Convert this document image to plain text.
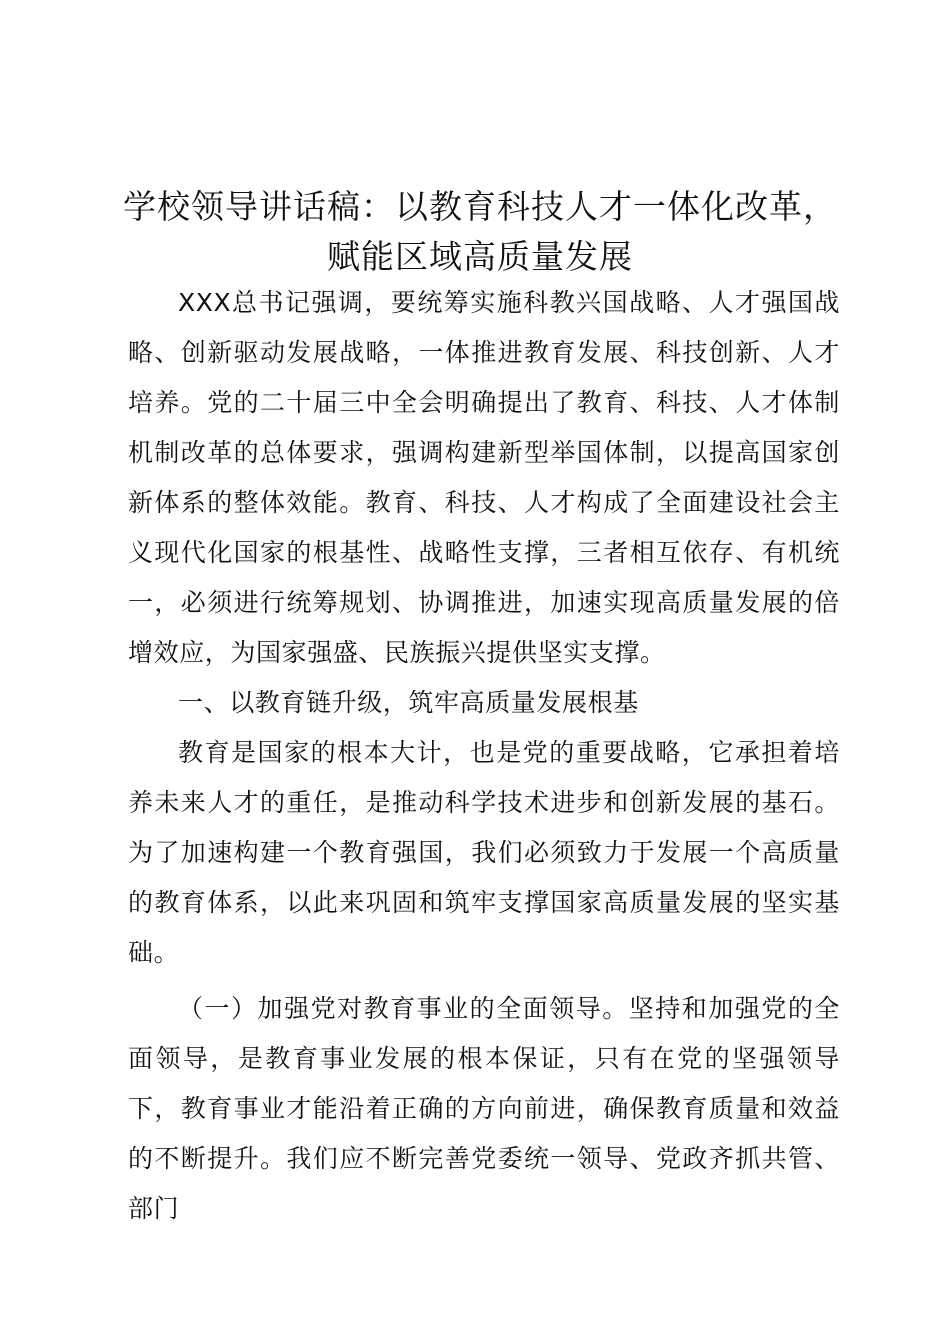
学校领导讲话稿：以教育科技人才一体化改革，
赋能区域高质量发展

XXX总书记强调，要统筹实施科教兴国战略、人才强国战略、创新驱动发展战略，一体推进教育发展、科技创新、人才培养。党的二十届三中全会明确提出了教育、科技、人才体制机制改革的总体要求，强调构建新型举国体制，以提高国家创新体系的整体效能。教育、科技、人才构成了全面建设社会主义现代化国家的根基性、战略性支撑，三者相互依存、有机统一，必须进行统筹规划、协调推进，加速实现高质量发展的倍增效应，为国家强盛、民族振兴提供坚实支撑。

一、以教育链升级，筑牢高质量发展根基

教育是国家的根本大计，也是党的重要战略，它承担着培养未来人才的重任，是推动科学技术进步和创新发展的基石。为了加速构建一个教育强国，我们必须致力于发展一个高质量的教育体系，以此来巩固和筑牢支撑国家高质量发展的坚实基础。

（一）加强党对教育事业的全面领导。坚持和加强党的全面领导，是教育事业发展的根本保证，只有在党的坚强领导下，教育事业才能沿着正确的方向前进，确保教育质量和效益的不断提升。我们应不断完善党委统一领导、党政齐抓共管、部门
